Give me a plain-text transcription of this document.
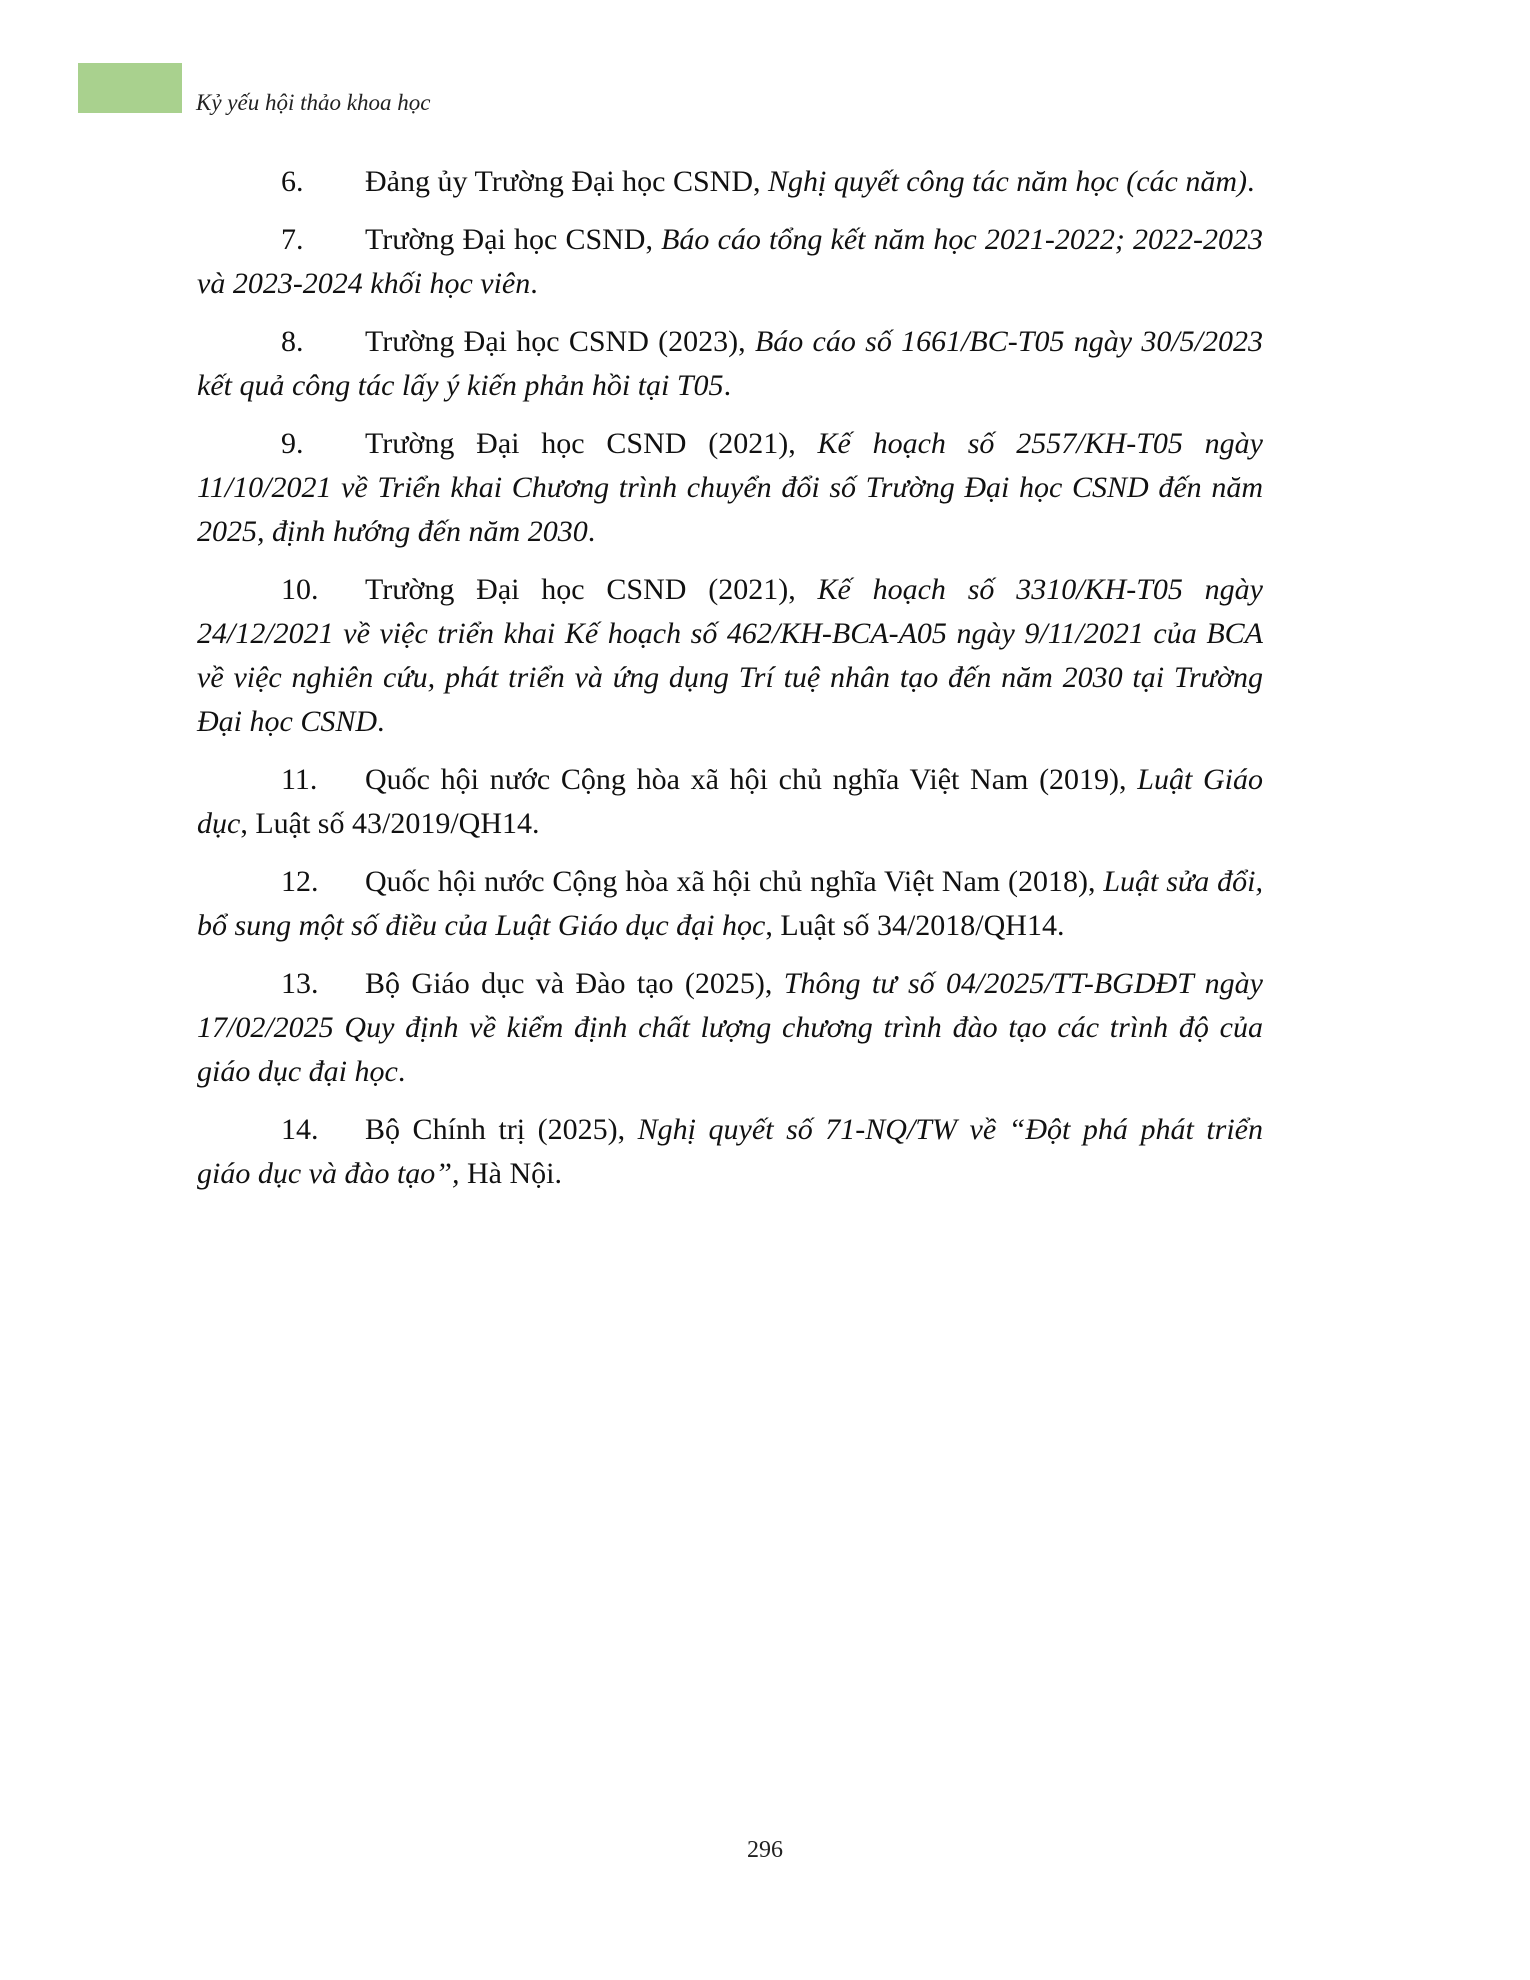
Kỷ yếu hội thảo khoa học
6. Đảng ủy Trường Đại học CSND, Nghị quyết công tác năm học (các năm).
7. Trường Đại học CSND, Báo cáo tổng kết năm học 2021-2022; 2022-2023 và 2023-2024 khối học viên.
8. Trường Đại học CSND (2023), Báo cáo số 1661/BC-T05 ngày 30/5/2023 kết quả công tác lấy ý kiến phản hồi tại T05.
9. Trường Đại học CSND (2021), Kế hoạch số 2557/KH-T05 ngày 11/10/2021 về Triển khai Chương trình chuyển đổi số Trường Đại học CSND đến năm 2025, định hướng đến năm 2030.
10. Trường Đại học CSND (2021), Kế hoạch số 3310/KH-T05 ngày 24/12/2021 về việc triển khai Kế hoạch số 462/KH-BCA-A05 ngày 9/11/2021 của BCA về việc nghiên cứu, phát triển và ứng dụng Trí tuệ nhân tạo đến năm 2030 tại Trường Đại học CSND.
11. Quốc hội nước Cộng hòa xã hội chủ nghĩa Việt Nam (2019), Luật Giáo dục, Luật số 43/2019/QH14.
12. Quốc hội nước Cộng hòa xã hội chủ nghĩa Việt Nam (2018), Luật sửa đổi, bổ sung một số điều của Luật Giáo dục đại học, Luật số 34/2018/QH14.
13. Bộ Giáo dục và Đào tạo (2025), Thông tư số 04/2025/TT-BGDĐT ngày 17/02/2025 Quy định về kiểm định chất lượng chương trình đào tạo các trình độ của giáo dục đại học.
14. Bộ Chính trị (2025), Nghị quyết số 71-NQ/TW về “Đột phá phát triển giáo dục và đào tạo”, Hà Nội.
296
